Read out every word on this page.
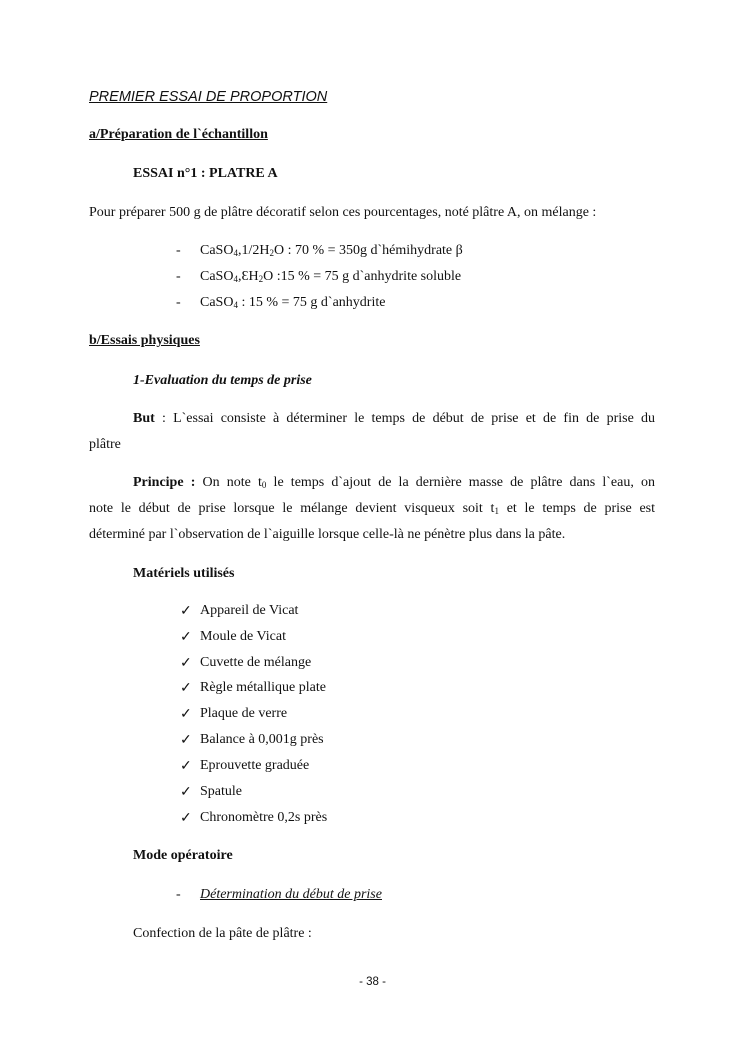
PREMIER ESSAI DE PROPORTION
a/Préparation de l`échantillon
ESSAI n°1 : PLATRE A
Pour préparer 500 g de plâtre décoratif selon ces pourcentages, noté plâtre A, on mélange :
- $CaSO_4,1/2H_2O$ : 70 % = 350g d`hémihydrate β
- $CaSO_4,ƐH_2O$ :15 % = 75 g d`anhydrite soluble
- CaSO$_4$ : 15 % = 75 g d`anhydrite
b/Essais physiques
1-Evaluation du temps de prise
But : L`essai consiste à déterminer le temps de début de prise et de fin de prise du
plâtre
Principe : On note $t_0$ le temps d`ajout de la dernière masse de plâtre dans l`eau, on
note le début de prise lorsque le mélange devient visqueux soit $t_1$ et le temps de prise est
déterminé par l`observation de l`aiguille lorsque celle-là ne pénètre plus dans la pâte.
Matériels utilisés
✓ Appareil de Vicat
✓ Moule de Vicat
✓ Cuvette de mélange
✓ Règle métallique plate
✓ Plaque de verre
✓ Balance à 0,001g près
✓ Eprouvette graduée
✓ Spatule
✓ Chronomètre 0,2s près
Mode opératoire
- Détermination du début de prise
Confection de la pâte de plâtre :
- 38 -
